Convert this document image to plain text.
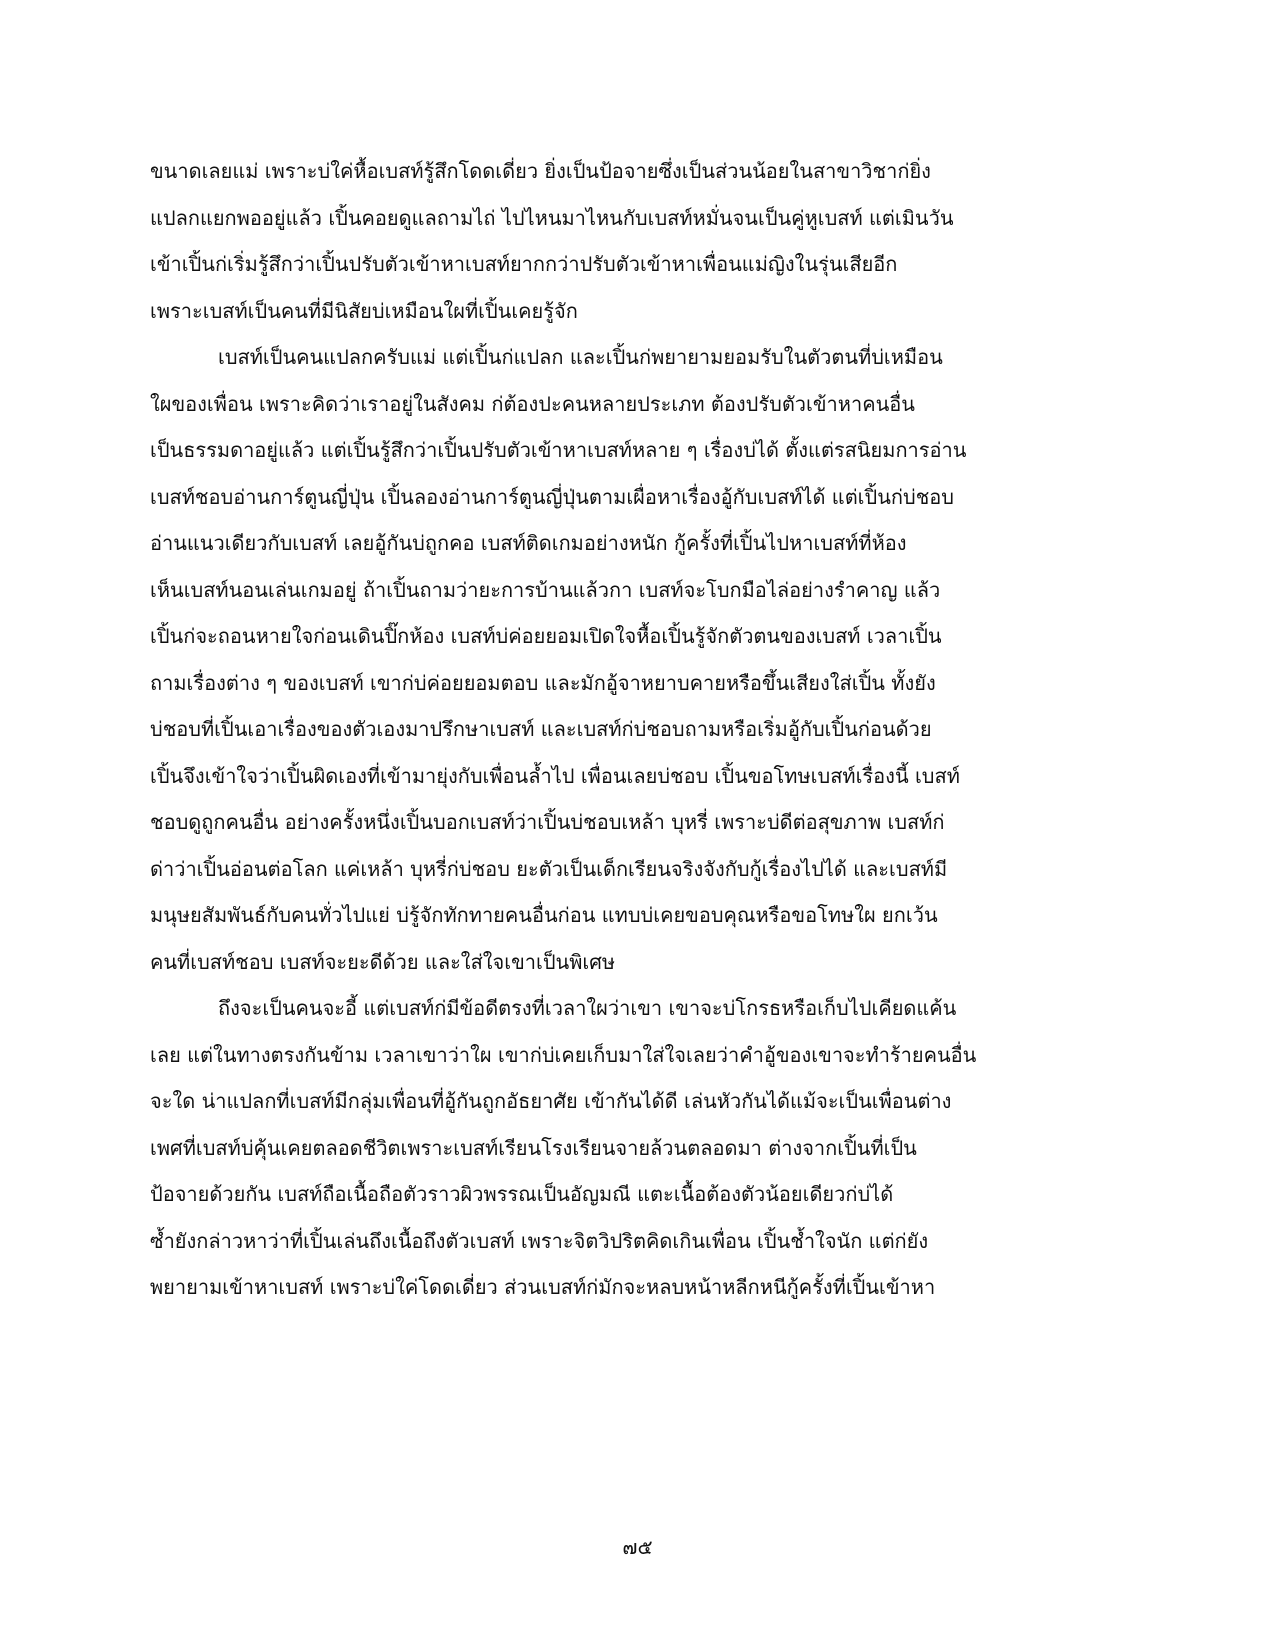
ขนาดเลยแม่ เพราะบ่ใค่หื้อเบสท์รู้สึกโดดเดี่ยว ยิ่งเป็นป้อจายซึ่งเป็นส่วนน้อยในสาขาวิชาก่ยิ่ง
แปลกแยกพออยู่แล้ว เปิ้นคอยดูแลถามไถ่ ไปไหนมาไหนกับเบสท์หมั่นจนเป็นคู่หูเบสท์ แต่เมินวัน
เข้าเปิ้นก่เริ่มรู้สึกว่าเปิ้นปรับตัวเข้าหาเบสท์ยากกว่าปรับตัวเข้าหาเพื่อนแม่ญิงในรุ่นเสียอีก
เพราะเบสท์เป็นคนที่มีนิสัยบ่เหมือนใผที่เปิ้นเคยรู้จัก
เบสท์เป็นคนแปลกครับแม่ แต่เปิ้นก่แปลก และเปิ้นก่พยายามยอมรับในตัวตนที่บ่เหมือน
ใผของเพื่อน เพราะคิดว่าเราอยู่ในสังคม ก่ต้องปะคนหลายประเภท ต้องปรับตัวเข้าหาคนอื่น
เป็นธรรมดาอยู่แล้ว แต่เปิ้นรู้สึกว่าเปิ้นปรับตัวเข้าหาเบสท์หลาย ๆ เรื่องบ่ได้ ตั้งแต่รสนิยมการอ่าน
เบสท์ชอบอ่านการ์ตูนญี่ปุ่น เปิ้นลองอ่านการ์ตูนญี่ปุ่นตามเผื่อหาเรื่องอู้กับเบสท์ได้ แต่เปิ้นก่บ่ชอบ
อ่านแนวเดียวกับเบสท์ เลยอู้กันบ่ถูกคอ เบสท์ติดเกมอย่างหนัก กู้ครั้งที่เปิ้นไปหาเบสท์ที่ห้อง
เห็นเบสท์นอนเล่นเกมอยู่ ถ้าเปิ้นถามว่ายะการบ้านแล้วกา เบสท์จะโบกมือไล่อย่างรำคาญ แล้ว
เปิ้นก่จะถอนหายใจก่อนเดินปิ๊กห้อง เบสท์บ่ค่อยยอมเปิดใจหื้อเปิ้นรู้จักตัวตนของเบสท์ เวลาเปิ้น
ถามเรื่องต่าง ๆ ของเบสท์ เขาก่บ่ค่อยยอมตอบ และมักอู้จาหยาบคายหรือขึ้นเสียงใส่เปิ้น ทั้งยัง
บ่ชอบที่เปิ้นเอาเรื่องของตัวเองมาปรึกษาเบสท์ และเบสท์ก่บ่ชอบถามหรือเริ่มอู้กับเปิ้นก่อนด้วย
เปิ้นจึงเข้าใจว่าเปิ้นผิดเองที่เข้ามายุ่งกับเพื่อนล้ำไป เพื่อนเลยบ่ชอบ เปิ้นขอโทษเบสท์เรื่องนี้ เบสท์
ชอบดูถูกคนอื่น อย่างครั้งหนึ่งเปิ้นบอกเบสท์ว่าเปิ้นบ่ชอบเหล้า บุหรี่ เพราะบ่ดีต่อสุขภาพ เบสท์ก่
ด่าว่าเปิ้นอ่อนต่อโลก แค่เหล้า บุหรี่ก่บ่ชอบ ยะตัวเป็นเด็กเรียนจริงจังกับกู้เรื่องไปได้ และเบสท์มี
มนุษยสัมพันธ์กับคนทั่วไปแย่ บ่รู้จักทักทายคนอื่นก่อน แทบบ่เคยขอบคุณหรือขอโทษใผ ยกเว้น
คนที่เบสท์ชอบ เบสท์จะยะดีด้วย และใส่ใจเขาเป็นพิเศษ
ถึงจะเป็นคนจะอี้ แต่เบสท์ก่มีข้อดีตรงที่เวลาใผว่าเขา เขาจะบ่โกรธหรือเก็บไปเคียดแค้น
เลย แต่ในทางตรงกันข้าม เวลาเขาว่าใผ เขาก่บ่เคยเก็บมาใส่ใจเลยว่าคำอู้ของเขาจะทำร้ายคนอื่น
จะใด น่าแปลกที่เบสท์มีกลุ่มเพื่อนที่อู้กันถูกอัธยาศัย เข้ากันได้ดี เล่นหัวกันได้แม้จะเป็นเพื่อนต่าง
เพศที่เบสท์บ่คุ้นเคยตลอดชีวิตเพราะเบสท์เรียนโรงเรียนจายล้วนตลอดมา ต่างจากเปิ้นที่เป็น
ป้อจายด้วยกัน เบสท์ถือเนื้อถือตัวราวผิวพรรณเป็นอัญมณี แตะเนื้อต้องตัวน้อยเดียวก่บ่ได้
ซ้ำยังกล่าวหาว่าที่เปิ้นเล่นถึงเนื้อถึงตัวเบสท์ เพราะจิตวิปริตคิดเกินเพื่อน เปิ้นช้ำใจนัก แต่ก่ยัง
พยายามเข้าหาเบสท์ เพราะบ่ใค่โดดเดี่ยว ส่วนเบสท์ก่มักจะหลบหน้าหลีกหนีกู้ครั้งที่เปิ้นเข้าหา
๗๕
